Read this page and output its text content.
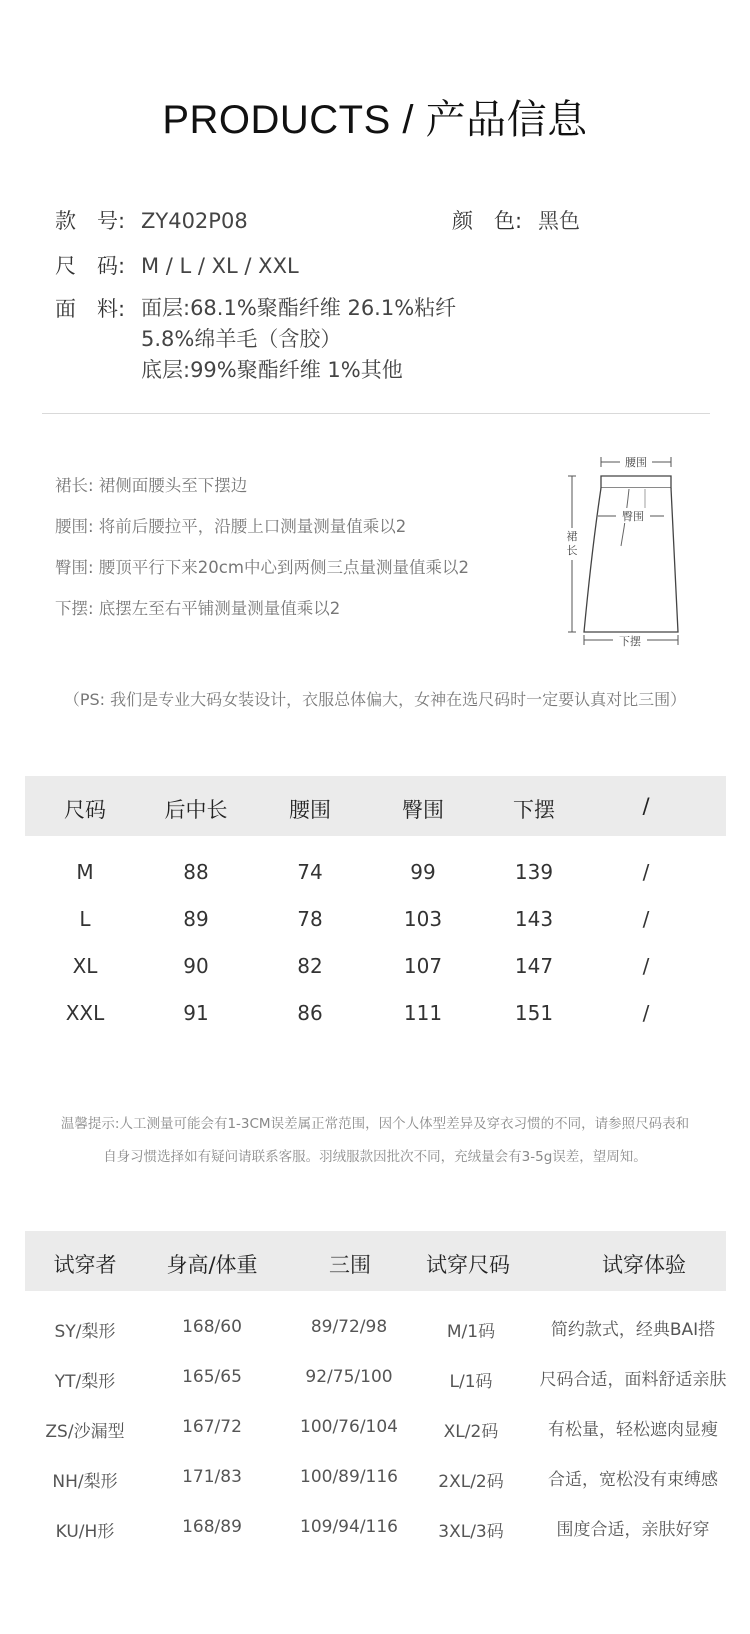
PRODUCTS / 产品信息
款　号: ZY402P08	颜　色: 黑色
尺　码: M / L / XL / XXL
面　料: 面层:68.1%聚酯纤维 26.1%粘纤
5.8%绵羊毛（含胶）
底层:99%聚酯纤维 1%其他
裙长: 裙侧面腰头至下摆边
腰围: 将前后腰拉平，沿腰上口测量测量值乘以2
臀围: 腰顶平行下来20cm中心到两侧三点量测量值乘以2
下摆: 底摆左至右平铺测量测量值乘以2
腰围
臀围
裙
长
下摆
（PS: 我们是专业大码女装设计，衣服总体偏大，女神在选尺码时一定要认真对比三围）
尺码	后中长	腰围	臀围	下摆	/
M	88	74	99	139	/
L	89	78	103	143	/
XL	90	82	107	147	/
XXL	91	86	111	151	/
温馨提示:人工测量可能会有1-3CM误差属正常范围，因个人体型差异及穿衣习惯的不同，请参照尺码表和
自身习惯选择如有疑问请联系客服。羽绒服款因批次不同，充绒量会有3-5g误差，望周知。
试穿者 身高/体重	三围	试穿尺码	试穿体验
SY/梨形	168/60	89/72/98	M/1码	简约款式，经典BAI搭
YT/梨形	165/65	92/75/100	L/1码	尺码合适，面料舒适亲肤
ZS/沙漏型	167/72	100/76/104	XL/2码	有松量，轻松遮肉显瘦
NH/梨形	171/83	100/89/116 2XL/2码	合适，宽松没有束缚感
KU/H形	168/89	109/94/116 3XL/3码	围度合适，亲肤好穿
